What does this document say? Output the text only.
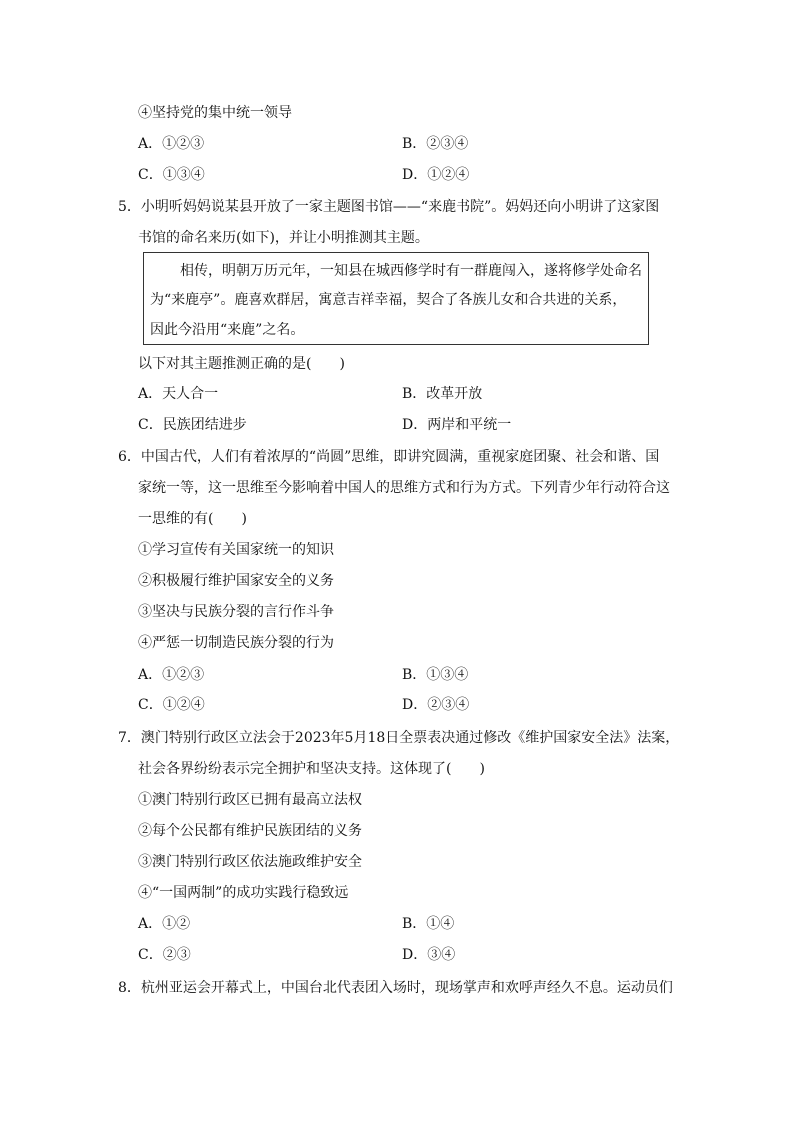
④坚持党的集中统一领导
A．①②③	B．②③④
C．①③④	D．①②④
5．小明听妈妈说某县开放了一家主题图书馆——“来鹿书院”。妈妈还向小明讲了这家图
书馆的命名来历(如下)，并让小明推测其主题。
相传，明朝万历元年，一知县在城西修学时有一群鹿闯入，遂将修学处命名
为“来鹿亭”。鹿喜欢群居，寓意吉祥幸福，契合了各族儿女和合共进的关系，
因此今沿用“来鹿”之名。
以下对其主题推测正确的是(　　)
A．天人合一	B．改革开放
C．民族团结进步	D．两岸和平统一
6．中国古代，人们有着浓厚的“尚圆”思维，即讲究圆满，重视家庭团聚、社会和谐、国
家统一等，这一思维至今影响着中国人的思维方式和行为方式。下列青少年行动符合这
一思维的有(　　)
①学习宣传有关国家统一的知识
②积极履行维护国家安全的义务
③坚决与民族分裂的言行作斗争
④严惩一切制造民族分裂的行为
A．①②③	B．①③④
C．①②④	D．②③④
7．澳门特别行政区立法会于2023年5月18日全票表决通过修改《维护国家安全法》法案，
社会各界纷纷表示完全拥护和坚决支持。这体现了(　　)
①澳门特别行政区已拥有最高立法权
②每个公民都有维护民族团结的义务
③澳门特别行政区依法施政维护安全
④“一国两制”的成功实践行稳致远
A．①②	B．①④
C．②③	D．③④
8．杭州亚运会开幕式上，中国台北代表团入场时，现场掌声和欢呼声经久不息。运动员们
